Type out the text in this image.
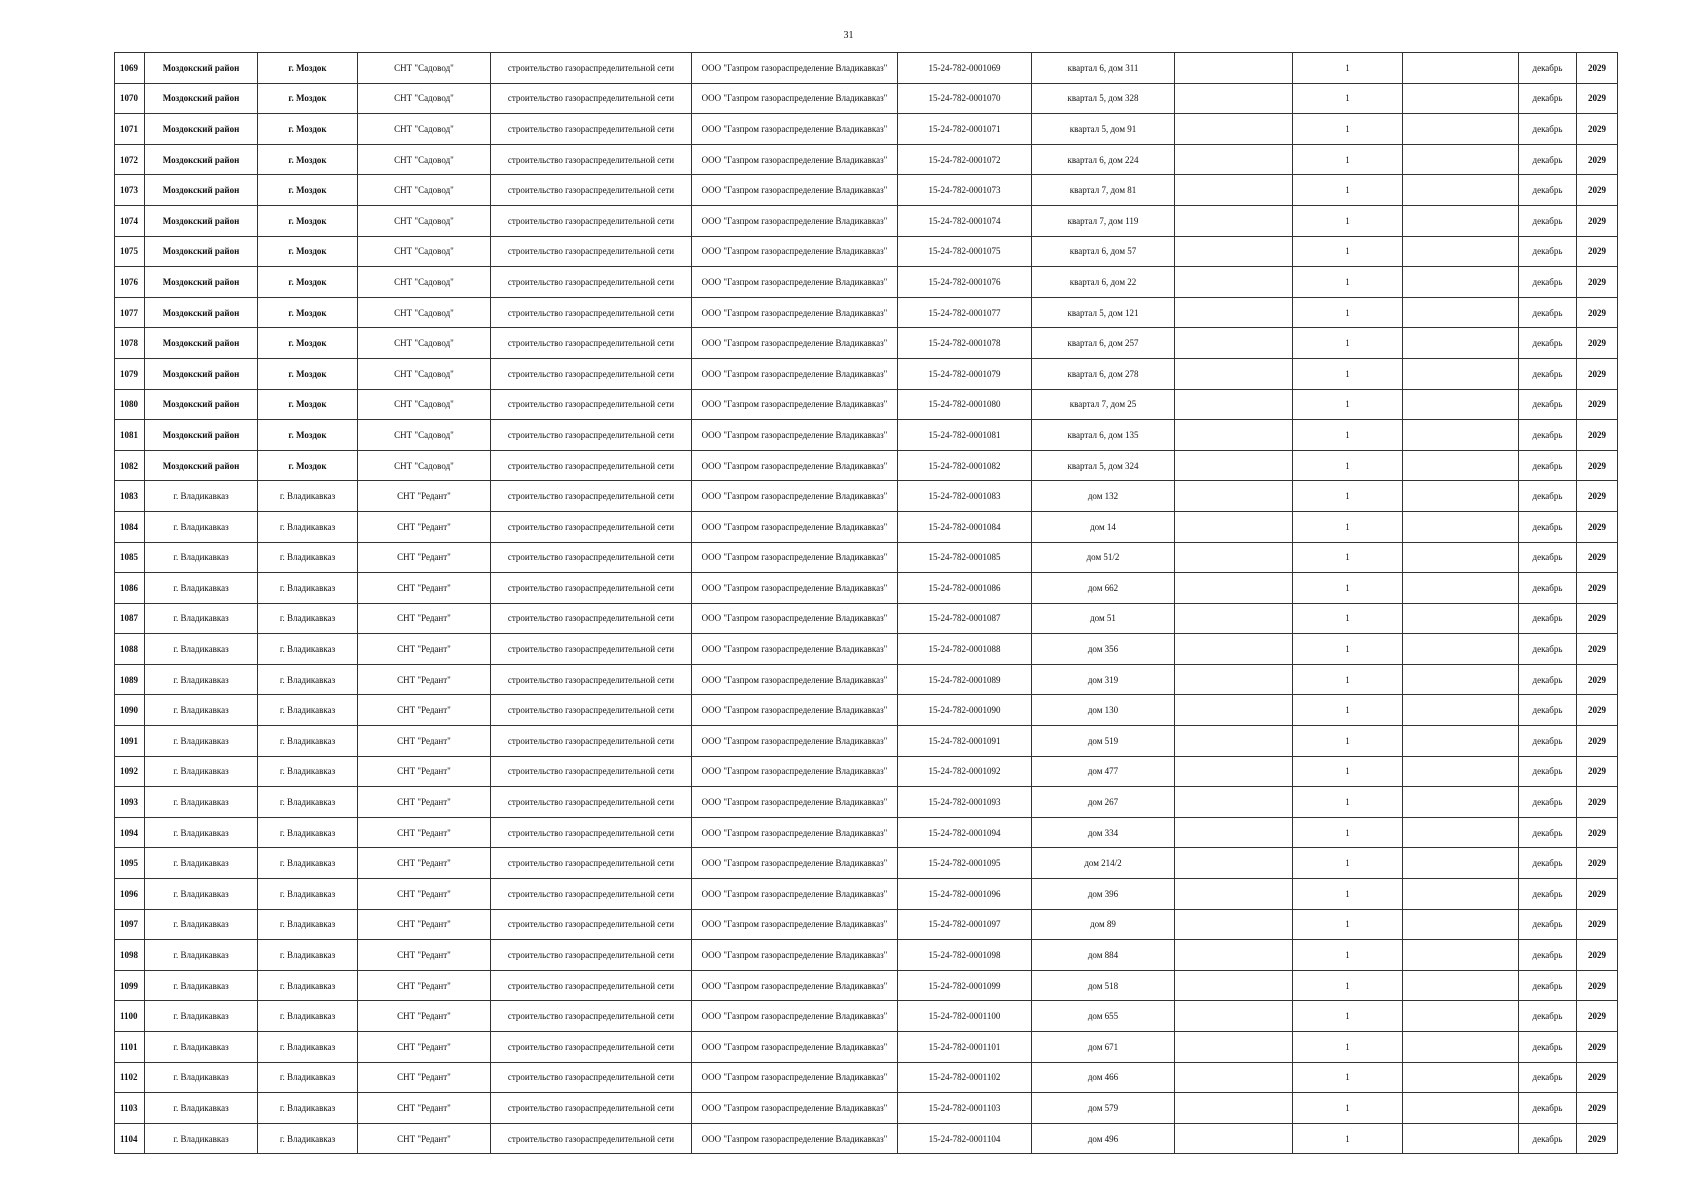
31
1069	Моздокский район	г. Моздок	СНТ "Садовод"	строительство газораспределительной сети	ООО "Газпром газораспределение Владикавказ"	15-24-782-0001069	квартал 6, дом 311		1		декабрь	2029
1070	Моздокский район	г. Моздок	СНТ "Садовод"	строительство газораспределительной сети	ООО "Газпром газораспределение Владикавказ"	15-24-782-0001070	квартал 5, дом 328		1		декабрь	2029
1071	Моздокский район	г. Моздок	СНТ "Садовод"	строительство газораспределительной сети	ООО "Газпром газораспределение Владикавказ"	15-24-782-0001071	квартал 5, дом 91		1		декабрь	2029
1072	Моздокский район	г. Моздок	СНТ "Садовод"	строительство газораспределительной сети	ООО "Газпром газораспределение Владикавказ"	15-24-782-0001072	квартал 6, дом 224		1		декабрь	2029
1073	Моздокский район	г. Моздок	СНТ "Садовод"	строительство газораспределительной сети	ООО "Газпром газораспределение Владикавказ"	15-24-782-0001073	квартал 7, дом 81		1		декабрь	2029
1074	Моздокский район	г. Моздок	СНТ "Садовод"	строительство газораспределительной сети	ООО "Газпром газораспределение Владикавказ"	15-24-782-0001074	квартал 7, дом 119		1		декабрь	2029
1075	Моздокский район	г. Моздок	СНТ "Садовод"	строительство газораспределительной сети	ООО "Газпром газораспределение Владикавказ"	15-24-782-0001075	квартал 6, дом 57		1		декабрь	2029
1076	Моздокский район	г. Моздок	СНТ "Садовод"	строительство газораспределительной сети	ООО "Газпром газораспределение Владикавказ"	15-24-782-0001076	квартал 6, дом 22		1		декабрь	2029
1077	Моздокский район	г. Моздок	СНТ "Садовод"	строительство газораспределительной сети	ООО "Газпром газораспределение Владикавказ"	15-24-782-0001077	квартал 5, дом 121		1		декабрь	2029
1078	Моздокский район	г. Моздок	СНТ "Садовод"	строительство газораспределительной сети	ООО "Газпром газораспределение Владикавказ"	15-24-782-0001078	квартал 6, дом 257		1		декабрь	2029
1079	Моздокский район	г. Моздок	СНТ "Садовод"	строительство газораспределительной сети	ООО "Газпром газораспределение Владикавказ"	15-24-782-0001079	квартал 6, дом 278		1		декабрь	2029
1080	Моздокский район	г. Моздок	СНТ "Садовод"	строительство газораспределительной сети	ООО "Газпром газораспределение Владикавказ"	15-24-782-0001080	квартал 7, дом 25		1		декабрь	2029
1081	Моздокский район	г. Моздок	СНТ "Садовод"	строительство газораспределительной сети	ООО "Газпром газораспределение Владикавказ"	15-24-782-0001081	квартал 6, дом 135		1		декабрь	2029
1082	Моздокский район	г. Моздок	СНТ "Садовод"	строительство газораспределительной сети	ООО "Газпром газораспределение Владикавказ"	15-24-782-0001082	квартал 5, дом 324		1		декабрь	2029
1083	г. Владикавказ	г. Владикавказ	СНТ "Редант"	строительство газораспределительной сети	ООО "Газпром газораспределение Владикавказ"	15-24-782-0001083	дом 132		1		декабрь	2029
1084	г. Владикавказ	г. Владикавказ	СНТ "Редант"	строительство газораспределительной сети	ООО "Газпром газораспределение Владикавказ"	15-24-782-0001084	дом 14		1		декабрь	2029
1085	г. Владикавказ	г. Владикавказ	СНТ "Редант"	строительство газораспределительной сети	ООО "Газпром газораспределение Владикавказ"	15-24-782-0001085	дом 51/2		1		декабрь	2029
1086	г. Владикавказ	г. Владикавказ	СНТ "Редант"	строительство газораспределительной сети	ООО "Газпром газораспределение Владикавказ"	15-24-782-0001086	дом 662		1		декабрь	2029
1087	г. Владикавказ	г. Владикавказ	СНТ "Редант"	строительство газораспределительной сети	ООО "Газпром газораспределение Владикавказ"	15-24-782-0001087	дом 51		1		декабрь	2029
1088	г. Владикавказ	г. Владикавказ	СНТ "Редант"	строительство газораспределительной сети	ООО "Газпром газораспределение Владикавказ"	15-24-782-0001088	дом 356		1		декабрь	2029
1089	г. Владикавказ	г. Владикавказ	СНТ "Редант"	строительство газораспределительной сети	ООО "Газпром газораспределение Владикавказ"	15-24-782-0001089	дом 319		1		декабрь	2029
1090	г. Владикавказ	г. Владикавказ	СНТ "Редант"	строительство газораспределительной сети	ООО "Газпром газораспределение Владикавказ"	15-24-782-0001090	дом 130		1		декабрь	2029
1091	г. Владикавказ	г. Владикавказ	СНТ "Редант"	строительство газораспределительной сети	ООО "Газпром газораспределение Владикавказ"	15-24-782-0001091	дом 519		1		декабрь	2029
1092	г. Владикавказ	г. Владикавказ	СНТ "Редант"	строительство газораспределительной сети	ООО "Газпром газораспределение Владикавказ"	15-24-782-0001092	дом 477		1		декабрь	2029
1093	г. Владикавказ	г. Владикавказ	СНТ "Редант"	строительство газораспределительной сети	ООО "Газпром газораспределение Владикавказ"	15-24-782-0001093	дом 267		1		декабрь	2029
1094	г. Владикавказ	г. Владикавказ	СНТ "Редант"	строительство газораспределительной сети	ООО "Газпром газораспределение Владикавказ"	15-24-782-0001094	дом 334		1		декабрь	2029
1095	г. Владикавказ	г. Владикавказ	СНТ "Редант"	строительство газораспределительной сети	ООО "Газпром газораспределение Владикавказ"	15-24-782-0001095	дом 214/2		1		декабрь	2029
1096	г. Владикавказ	г. Владикавказ	СНТ "Редант"	строительство газораспределительной сети	ООО "Газпром газораспределение Владикавказ"	15-24-782-0001096	дом 396		1		декабрь	2029
1097	г. Владикавказ	г. Владикавказ	СНТ "Редант"	строительство газораспределительной сети	ООО "Газпром газораспределение Владикавказ"	15-24-782-0001097	дом 89		1		декабрь	2029
1098	г. Владикавказ	г. Владикавказ	СНТ "Редант"	строительство газораспределительной сети	ООО "Газпром газораспределение Владикавказ"	15-24-782-0001098	дом 884		1		декабрь	2029
1099	г. Владикавказ	г. Владикавказ	СНТ "Редант"	строительство газораспределительной сети	ООО "Газпром газораспределение Владикавказ"	15-24-782-0001099	дом 518		1		декабрь	2029
1100	г. Владикавказ	г. Владикавказ	СНТ "Редант"	строительство газораспределительной сети	ООО "Газпром газораспределение Владикавказ"	15-24-782-0001100	дом 655		1		декабрь	2029
1101	г. Владикавказ	г. Владикавказ	СНТ "Редант"	строительство газораспределительной сети	ООО "Газпром газораспределение Владикавказ"	15-24-782-0001101	дом 671		1		декабрь	2029
1102	г. Владикавказ	г. Владикавказ	СНТ "Редант"	строительство газораспределительной сети	ООО "Газпром газораспределение Владикавказ"	15-24-782-0001102	дом 466		1		декабрь	2029
1103	г. Владикавказ	г. Владикавказ	СНТ "Редант"	строительство газораспределительной сети	ООО "Газпром газораспределение Владикавказ"	15-24-782-0001103	дом 579		1		декабрь	2029
1104	г. Владикавказ	г. Владикавказ	СНТ "Редант"	строительство газораспределительной сети	ООО "Газпром газораспределение Владикавказ"	15-24-782-0001104	дом 496		1		декабрь	2029
